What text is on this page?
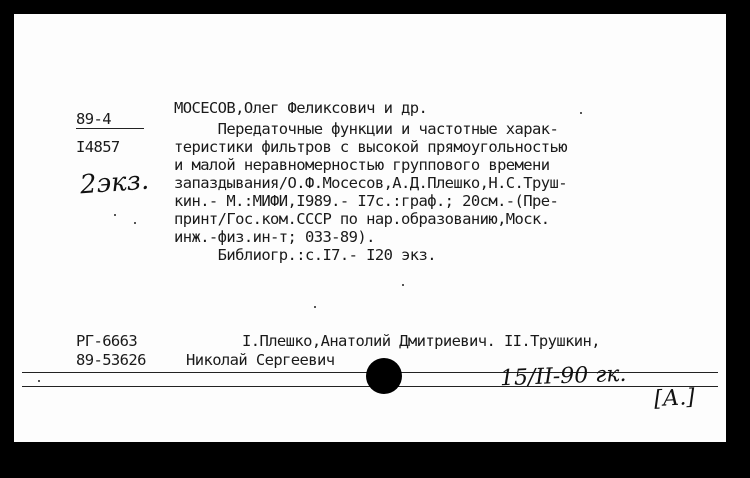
89-4
I4857
2экз.
МОСЕСОВ,Олег Феликсович и др.
Передаточные функции и частотные харак-
теристики фильтров с высокой прямоугольностью
и малой неравномерностью группового времени
запаздывания/О.Ф.Мосесов,А.Д.Плешко,Н.С.Труш-
кин.- М.:МИФИ,I989.- I7с.:граф.; 20см.-(Пре-
принт/Гос.ком.СССР по нар.образованию,Моск.
инж.-физ.ин-т; 033-89).
Библиогр.:с.I7.- I20 экз.
РГ-6663
89-53626
I.Плешко,Анатолий Дмитриевич. II.Трушкин,
Николай Сергеевич
15/II-90 гк.
[А.]
